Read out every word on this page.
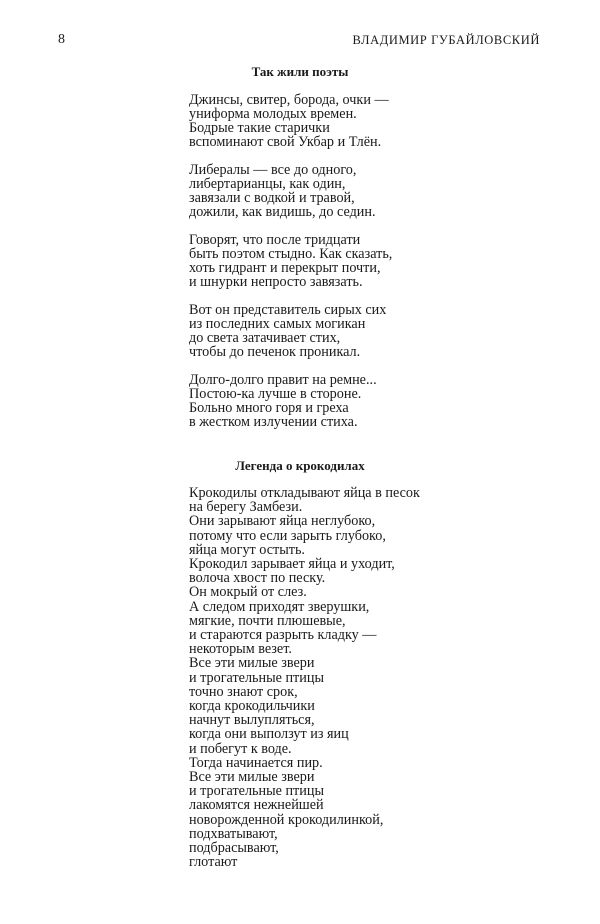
8	ВЛАДИМИР ГУБАЙЛОВСКИЙ
Так жили поэты
Джинсы, свитер, борода, очки —
униформа молодых времен.
Бодрые такие старички
вспоминают свой Укбар и Тлён.
Либералы — все до одного,
либертарианцы, как один,
завязали с водкой и травой,
дожили, как видишь, до седин.
Говорят, что после тридцати
быть поэтом стыдно. Как сказать,
хоть гидрант и перекрыт почти,
и шнурки непросто завязать.
Вот он представитель сирых сих
из последних самых могикан
до света затачивает стих,
чтобы до печенок проникал.
Долго-долго правит на ремне...
Постою-ка лучше в стороне.
Больно много горя и греха
в жестком излучении стиха.
Легенда о крокодилах
Крокодилы откладывают яйца в песок
на берегу Замбези.
Они зарывают яйца неглубоко,
потому что если зарыть глубоко,
яйца могут остыть.
Крокодил зарывает яйца и уходит,
волоча хвост по песку.
Он мокрый от слез.
А следом приходят зверушки,
мягкие, почти плюшевые,
и стараются разрыть кладку —
некоторым везет.
Все эти милые звери
и трогательные птицы
точно знают срок,
когда крокодильчики
начнут вылупляться,
когда они выползут из яиц
и побегут к воде.
Тогда начинается пир.
Все эти милые звери
и трогательные птицы
лакомятся нежнейшей
новорожденной крокодилинкой,
подхватывают,
подбрасывают,
глотают
